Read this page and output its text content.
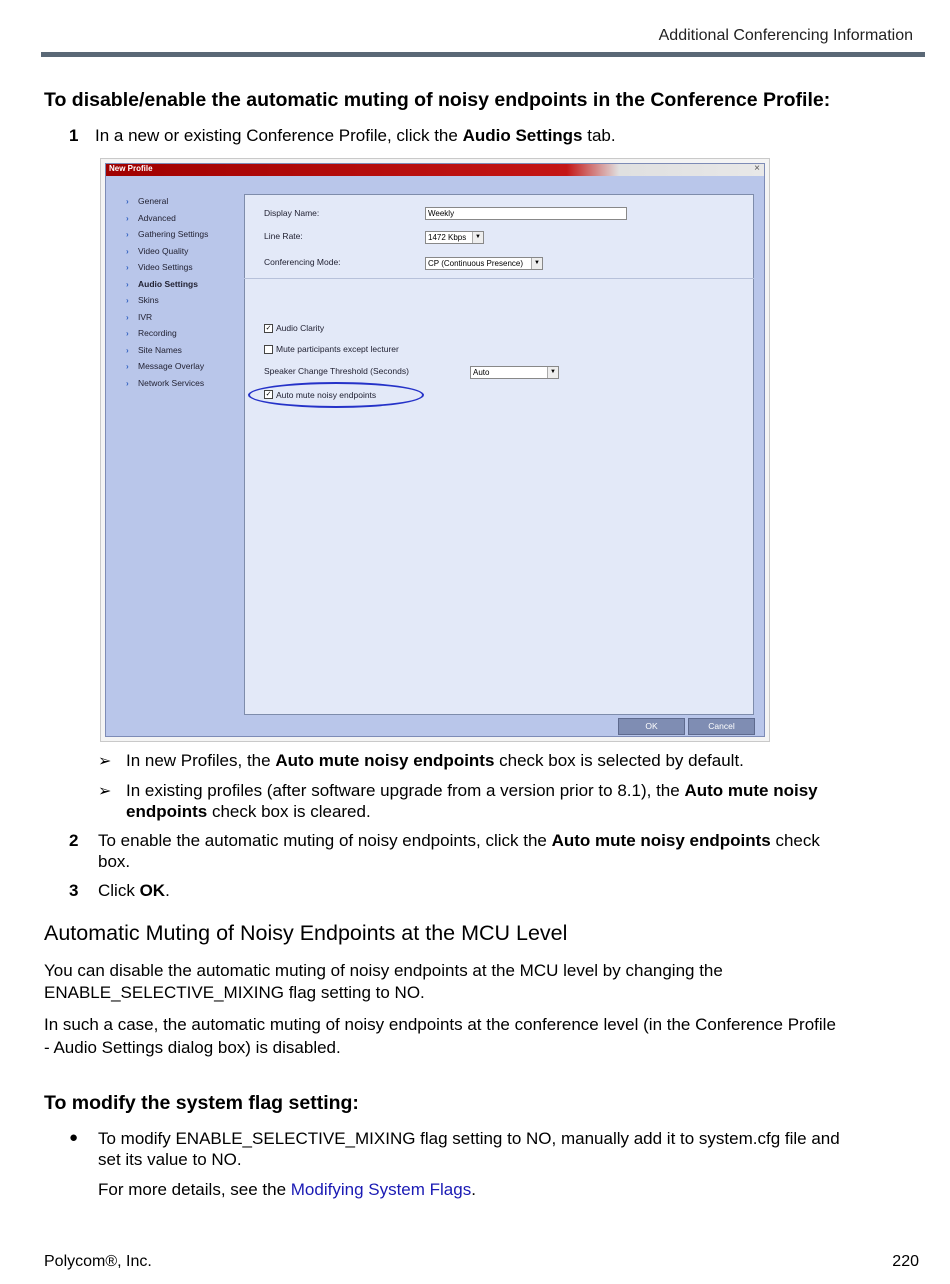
Additional Conferencing Information
To disable/enable the automatic muting of noisy endpoints in the Conference Profile:
1 In a new or existing Conference Profile, click the Audio Settings tab.
New Profile	×
› General
› Advanced
› Gathering Settings
› Video Quality
› Video Settings
› Audio Settings
› Skins
› IVR
› Recording
› Site Names
› Message Overlay
› Network Services
Display Name:	Weekly
Line Rate:	1472 Kbps	▼
Conferencing Mode:	CP (Continuous Presence)	▼
✓ Audio Clarity
Mute participants except lecturer
Speaker Change Threshold (Seconds)	Auto	▼
✓ Auto mute noisy endpoints
OK	Cancel
➢ In new Profiles, the Auto mute noisy endpoints check box is selected by default.
➢ In existing profiles (after software upgrade from a version prior to 8.1), the Auto mute noisy
endpoints check box is cleared.
2 To enable the automatic muting of noisy endpoints, click the Auto mute noisy endpoints check
box.
3 Click OK.
Automatic Muting of Noisy Endpoints at the MCU Level
You can disable the automatic muting of noisy endpoints at the MCU level by changing the
ENABLE_SELECTIVE_MIXING flag setting to NO.
In such a case, the automatic muting of noisy endpoints at the conference level (in the Conference Profile
- Audio Settings dialog box) is disabled.
To modify the system flag setting:
● To modify ENABLE_SELECTIVE_MIXING flag setting to NO, manually add it to system.cfg file and
set its value to NO.
For more details, see the Modifying System Flags.
Polycom®, Inc.	220
